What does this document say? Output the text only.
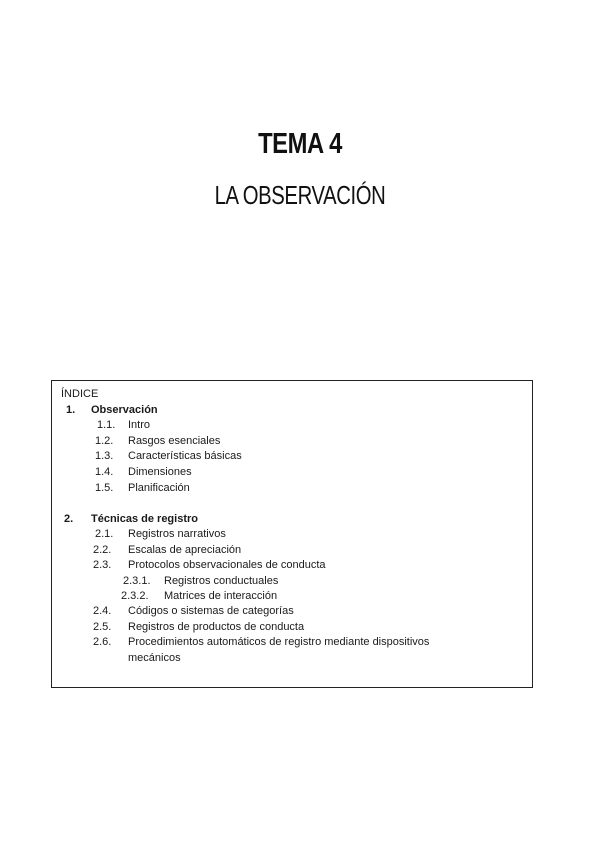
TEMA 4
LA OBSERVACIÓN
ÍNDICE
1. Observación
1.1. Intro
1.2. Rasgos esenciales
1.3. Características básicas
1.4. Dimensiones
1.5. Planificación
2. Técnicas de registro
2.1. Registros narrativos
2.2. Escalas de apreciación
2.3. Protocolos observacionales de conducta
2.3.1. Registros conductuales
2.3.2. Matrices de interacción
2.4. Códigos o sistemas de categorías
2.5. Registros de productos de conducta
2.6. Procedimientos automáticos de registro mediante dispositivos
mecánicos
